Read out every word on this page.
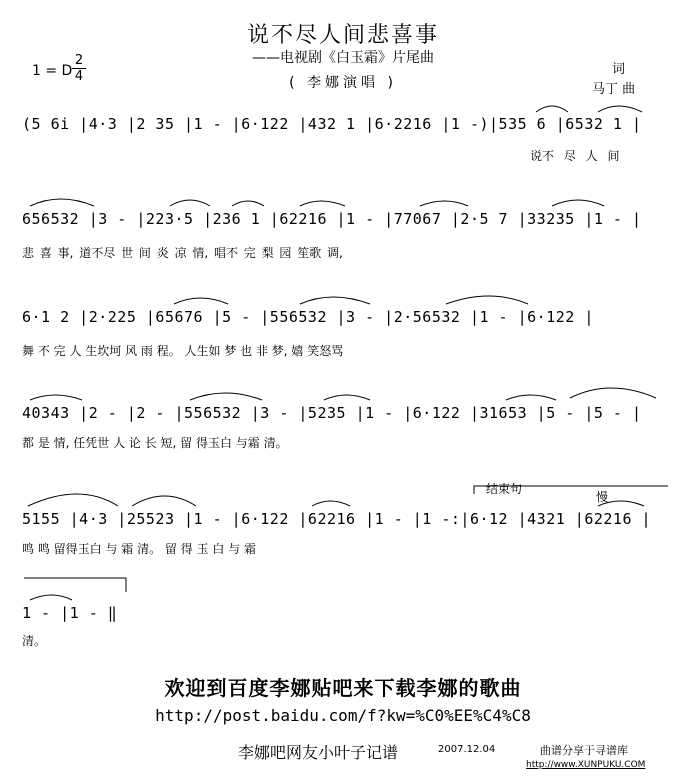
说不尽人间悲喜事
——电视剧《白玉霜》片尾曲
( 李娜演唱 )
1 = D
2
4	词
马丁 曲
(5 6i |4·3 |2 35 |1 - |6·122 |432 1 |6·2216 |1 -)|535 6 |6532 1 |
说不 尽 人 间
656532 |3 - |223·5 |236 1 |62216 |1 - |77067 |2·5 7 |33235 |1 - |
悲 喜 事, 道不尽 世 间 炎 凉 情, 唱不 完 梨 园 笙歌 调,
6·1 2 |2·225 |65676 |5 - |556532 |3 - |2·56532 |1 - |6·122 |
舞 不 完 人 生坎坷 风 雨 程。 人生如 梦 也 非 梦, 嬉 笑怒骂
40343 |2 - |2 - |556532 |3 - |5235 |1 - |6·122 |31653 |5 - |5 - |
都 是 情, 任凭世 人 论 长 短, 留 得玉白 与霜 清。
结束句
慢
5155 |4·3 |25523 |1 - |6·122 |62216 |1 - |1 -:|6·12 |4321 |62216 |
鸣 鸣 留得玉白 与 霜 清。 留 得 玉 白 与 霜
1 - |1 - ‖
清。
欢迎到百度李娜贴吧来下载李娜的歌曲
http://post.baidu.com/f?kw=%C0%EE%C4%C8
李娜吧网友小叶子记谱	2007.12.04	曲谱分享于寻谱库
http://www.XUNPUKU.COM
